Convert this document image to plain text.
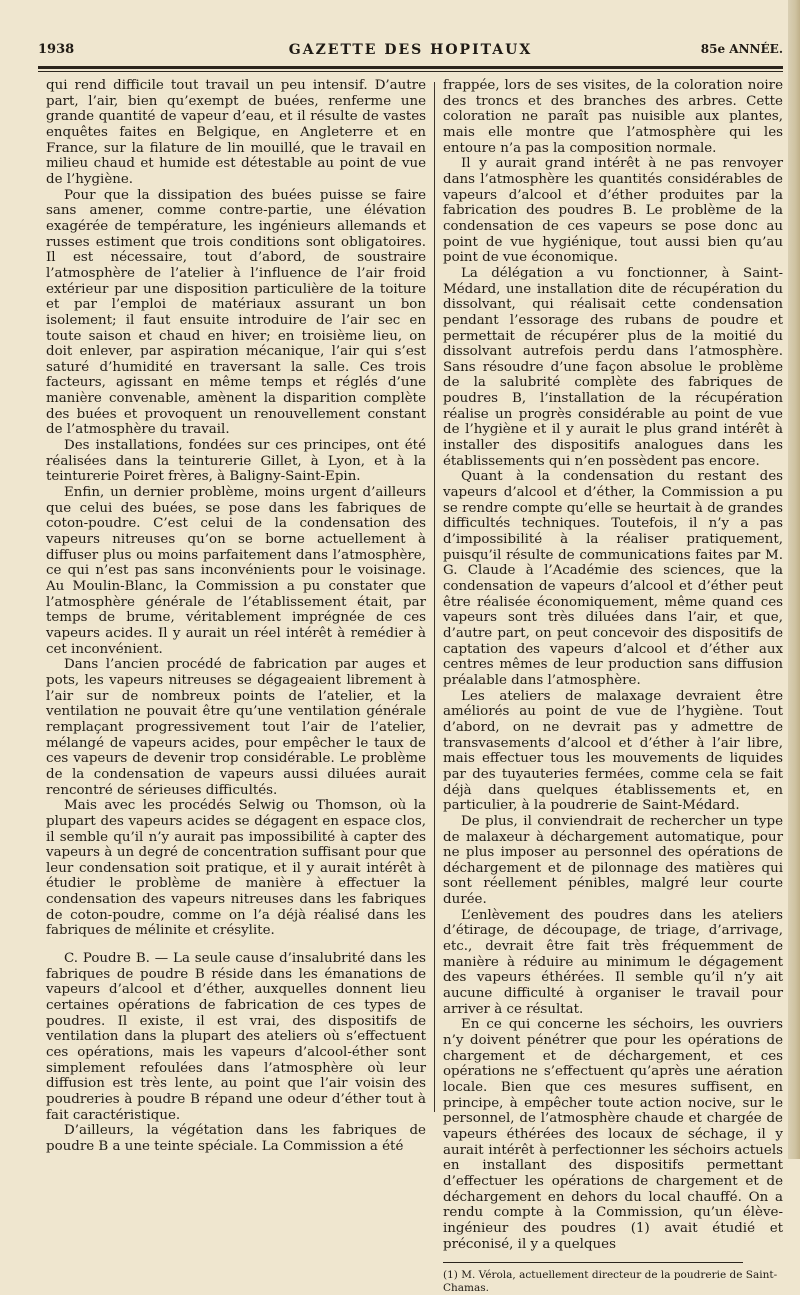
1938	GAZETTE DES HOPITAUX	85e ANNÉE.

qui rend difficile tout travail un peu intensif. D’autre part, l’air, bien qu’exempt de buées, renferme une grande quantité de vapeur d’eau, et il résulte de vastes enquêtes faites en Belgique, en Angleterre et en France, sur la filature de lin mouillé, que le travail en milieu chaud et humide est détestable au point de vue de l’hygiène.

Pour que la dissipation des buées puisse se faire sans amener, comme contre-partie, une élévation exagérée de température, les ingénieurs allemands et russes estiment que trois conditions sont obligatoires. Il est nécessaire, tout d’abord, de soustraire l’atmosphère de l’atelier à l’influence de l’air froid extérieur par une disposition particulière de la toiture et par l’emploi de matériaux assurant un bon isolement; il faut ensuite introduire de l’air sec en toute saison et chaud en hiver; en troisième lieu, on doit enlever, par aspiration mécanique, l’air qui s’est saturé d’humidité en traversant la salle. Ces trois facteurs, agissant en même temps et réglés d’une manière convenable, amènent la disparition complète des buées et provoquent un renouvellement constant de l’atmosphère du travail.

Des installations, fondées sur ces principes, ont été réalisées dans la teinturerie Gillet, à Lyon, et à la teinturerie Poiret frères, à Baligny-Saint-Epin.

Enfin, un dernier problème, moins urgent d’ailleurs que celui des buées, se pose dans les fabriques de coton-poudre. C’est celui de la condensation des vapeurs nitreuses qu’on se borne actuellement à diffuser plus ou moins parfaitement dans l’atmosphère, ce qui n’est pas sans inconvénients pour le voisinage. Au Moulin-Blanc, la Commission a pu constater que l’atmosphère générale de l’établissement était, par temps de brume, véritablement imprégnée de ces vapeurs acides. Il y aurait un réel intérêt à remédier à cet inconvénient.

Dans l’ancien procédé de fabrication par auges et pots, les vapeurs nitreuses se dégageaient librement à l’air sur de nombreux points de l’atelier, et la ventilation ne pouvait être qu’une ventilation générale remplaçant progressivement tout l’air de l’atelier, mélangé de vapeurs acides, pour empêcher le taux de ces vapeurs de devenir trop considérable. Le problème de la condensation de vapeurs aussi diluées aurait rencontré de sérieuses difficultés.

Mais avec les procédés Selwig ou Thomson, où la plupart des vapeurs acides se dégagent en espace clos, il semble qu’il n’y aurait pas impossibilité à capter des vapeurs à un degré de concentration suffisant pour que leur condensation soit pratique, et il y aurait intérêt à étudier le problème de manière à effectuer la condensation des vapeurs nitreuses dans les fabriques de coton-poudre, comme on l’a déjà réalisé dans les fabriques de mélinite et crésylite.

C. Poudre B. — La seule cause d’insalubrité dans les fabriques de poudre B réside dans les émanations de vapeurs d’alcool et d’éther, auxquelles donnent lieu certaines opérations de fabrication de ces types de poudres. Il existe, il est vrai, des dispositifs de ventilation dans la plupart des ateliers où s’effectuent ces opérations, mais les vapeurs d’alcool-éther sont simplement refoulées dans l’atmosphère où leur diffusion est très lente, au point que l’air voisin des poudreries à poudre B répand une odeur d’éther tout à fait caractéristique.

D’ailleurs, la végétation dans les fabriques de poudre B a une teinte spéciale. La Commission a été

frappée, lors de ses visites, de la coloration noire des troncs et des branches des arbres. Cette coloration ne paraît pas nuisible aux plantes, mais elle montre que l’atmosphère qui les entoure n’a pas la composition normale.

Il y aurait grand intérêt à ne pas renvoyer dans l’atmosphère les quantités considérables de vapeurs d’alcool et d’éther produites par la fabrication des poudres B. Le problème de la condensation de ces vapeurs se pose donc au point de vue hygiénique, tout aussi bien qu’au point de vue économique.

La délégation a vu fonctionner, à Saint-Médard, une installation dite de récupération du dissolvant, qui réalisait cette condensation pendant l’essorage des rubans de poudre et permettait de récupérer plus de la moitié du dissolvant autrefois perdu dans l’atmosphère. Sans résoudre d’une façon absolue le problème de la salubrité complète des fabriques de poudres B, l’installation de la récupération réalise un progrès considérable au point de vue de l’hygiène et il y aurait le plus grand intérêt à installer des dispositifs analogues dans les établissements qui n’en possèdent pas encore.

Quant à la condensation du restant des vapeurs d’alcool et d’éther, la Commission a pu se rendre compte qu’elle se heurtait à de grandes difficultés techniques. Toutefois, il n’y a pas d’impossibilité à la réaliser pratiquement, puisqu’il résulte de communications faites par M. G. Claude à l’Académie des sciences, que la condensation de vapeurs d’alcool et d’éther peut être réalisée économiquement, même quand ces vapeurs sont très diluées dans l’air, et que, d’autre part, on peut concevoir des dispositifs de captation des vapeurs d’alcool et d’éther aux centres mêmes de leur production sans diffusion préalable dans l’atmosphère.

Les ateliers de malaxage devraient être améliorés au point de vue de l’hygiène. Tout d’abord, on ne devrait pas y admettre de transvasements d’alcool et d’éther à l’air libre, mais effectuer tous les mouvements de liquides par des tuyauteries fermées, comme cela se fait déjà dans quelques établissements et, en particulier, à la poudrerie de Saint-Médard.

De plus, il conviendrait de rechercher un type de malaxeur à déchargement automatique, pour ne plus imposer au personnel des opérations de déchargement et de pilonnage des matières qui sont réellement pénibles, malgré leur courte durée.

L’enlèvement des poudres dans les ateliers d’étirage, de découpage, de triage, d’arrivage, etc., devrait être fait très fréquemment de manière à réduire au minimum le dégagement des vapeurs éthérées. Il semble qu’il n’y ait aucune difficulté à organiser le travail pour arriver à ce résultat.

En ce qui concerne les séchoirs, les ouvriers n’y doivent pénétrer que pour les opérations de chargement et de déchargement, et ces opérations ne s’effectuent qu’après une aération locale. Bien que ces mesures suffisent, en principe, à empêcher toute action nocive, sur le personnel, de l’atmosphère chaude et chargée de vapeurs éthérées des locaux de séchage, il y aurait intérêt à perfectionner les séchoirs actuels en installant des dispositifs permettant d’effectuer les opérations de chargement et de déchargement en dehors du local chauffé. On a rendu compte à la Commission, qu’un élève-ingénieur des poudres (1) avait étudié et préconisé, il y a quelques

(1) M. Vérola, actuellement directeur de la poudrerie de Saint-Chamas.
